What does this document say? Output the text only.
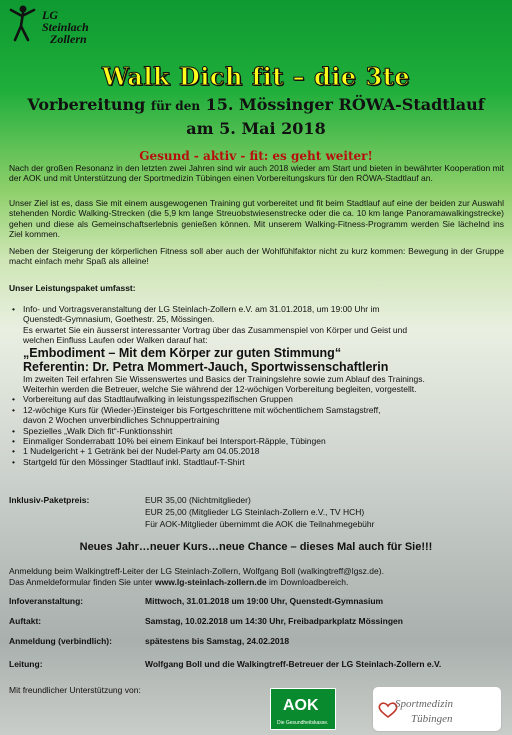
LG Steinlach
Zollern
Walk Dich fit – die 3te
Vorbereitung für den 15. Mössinger RÖWA-Stadtlauf
am 5. Mai 2018
Gesund - aktiv - fit: es geht weiter!
Nach der großen Resonanz in den letzten zwei Jahren sind wir auch 2018 wieder am Start und bieten in bewährter Kooperation mit der AOK und mit Unterstützung der Sportmedizin Tübingen einen Vorbereitungskurs für den RÖWA-Stadtlauf an.
Unser Ziel ist es, dass Sie mit einem ausgewogenen Training gut vorbereitet und fit beim Stadtlauf auf eine der beiden zur Auswahl stehenden Nordic Walking-Strecken (die 5,9 km lange Streuobstwiesenstrecke oder die ca. 10 km lange Panoramawalkingstrecke) gehen und diese als Gemeinschaftserlebnis genießen können. Mit unserem Walking-Fitness-Programm werden Sie lächelnd ins Ziel kommen.
Neben der Steigerung der körperlichen Fitness soll aber auch der Wohlfühlfaktor nicht zu kurz kommen: Bewegung in der Gruppe macht einfach mehr Spaß als alleine!
Unser Leistungspaket umfasst:
• Info- und Vortragsveranstaltung der LG Steinlach-Zollern e.V. am 31.01.2018, um 19:00 Uhr im
Quenstedt-Gymnasium, Goethestr. 25, Mössingen.
Es erwartet Sie ein äusserst interessanter Vortrag über das Zusammenspiel von Körper und Geist und
welchen Einfluss Laufen oder Walken darauf hat:
„Embodiment – Mit dem Körper zur guten Stimmung“
Referentin: Dr. Petra Mommert-Jauch, Sportwissenschaftlerin
Im zweiten Teil erfahren Sie Wissenswertes und Basics der Trainingslehre sowie zum Ablauf des Trainings.
Weiterhin werden die Betreuer, welche Sie während der 12-wöchigen Vorbereitung begleiten, vorgestellt.
• Vorbereitung auf das Stadtlaufwalking in leistungsspezifischen Gruppen
• 12-wöchige Kurs für (Wieder-)Einsteiger bis Fortgeschrittene mit wöchentlichem Samstagstreff,
davon 2 Wochen unverbindliches Schnuppertraining
• Spezielles „Walk Dich fit“-Funktionsshirt
• Einmaliger Sonderrabatt 10% bei einem Einkauf bei Intersport-Räpple, Tübingen
• 1 Nudelgericht + 1 Getränk bei der Nudel-Party am 04.05.2018
• Startgeld für den Mössinger Stadtlauf inkl. Stadtlauf-T-Shirt
Inklusiv-Paketpreis:	EUR 35,00 (Nichtmitglieder)
EUR 25,00 (Mitglieder LG Steinlach-Zollern e.V., TV HCH)
Für AOK-Mitglieder übernimmt die AOK die Teilnahmegebühr
Neues Jahr…neuer Kurs…neue Chance – dieses Mal auch für Sie!!!
Anmeldung beim Walkingtreff-Leiter der LG Steinlach-Zollern, Wolfgang Boll (walkingtreff@lgsz.de).
Das Anmeldeformular finden Sie unter www.lg-steinlach-zollern.de im Downloadbereich.
Infoveranstaltung:	Mittwoch, 31.01.2018 um 19:00 Uhr, Quenstedt-Gymnasium
Auftakt:	Samstag, 10.02.2018 um 14:30 Uhr, Freibadparkplatz Mössingen
Anmeldung (verbindlich):	spätestens bis Samstag, 24.02.2018
Leitung:	Wolfgang Boll und die Walkingtreff-Betreuer der LG Steinlach-Zollern e.V.
Mit freundlicher Unterstützung von:
AOK
Die Gesundheitskasse.
Sportmedizin
Tübingen
